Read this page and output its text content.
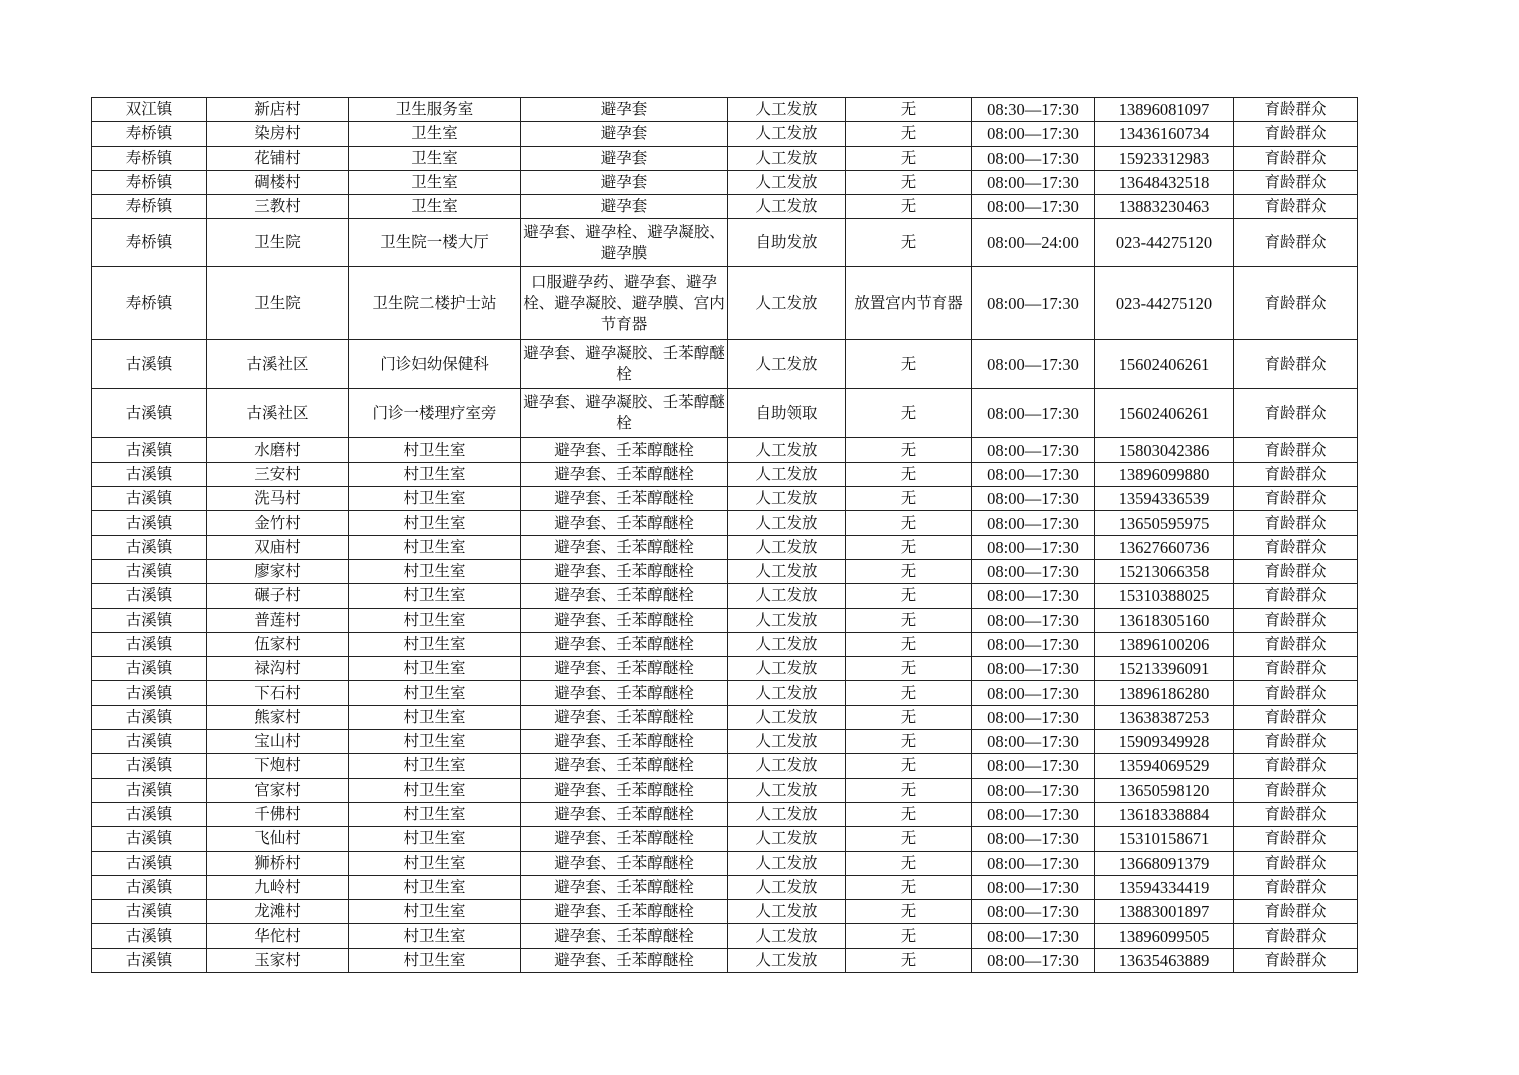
双江镇	新店村	卫生服务室	避孕套	人工发放	无	08:30—17:30	13896081097	育龄群众
寿桥镇	染房村	卫生室	避孕套	人工发放	无	08:00—17:30	13436160734	育龄群众
寿桥镇	花铺村	卫生室	避孕套	人工发放	无	08:00—17:30	15923312983	育龄群众
寿桥镇	碉楼村	卫生室	避孕套	人工发放	无	08:00—17:30	13648432518	育龄群众
寿桥镇	三教村	卫生室	避孕套	人工发放	无	08:00—17:30	13883230463	育龄群众
寿桥镇	卫生院	卫生院一楼大厅	避孕套、避孕栓、避孕凝胶、避孕膜	自助发放	无	08:00—24:00	023-44275120	育龄群众
寿桥镇	卫生院	卫生院二楼护士站	口服避孕药、避孕套、避孕栓、避孕凝胶、避孕膜、宫内节育器	人工发放	放置宫内节育器	08:00—17:30	023-44275120	育龄群众
古溪镇	古溪社区	门诊妇幼保健科	避孕套、避孕凝胶、壬苯醇醚栓	人工发放	无	08:00—17:30	15602406261	育龄群众
古溪镇	古溪社区	门诊一楼理疗室旁	避孕套、避孕凝胶、壬苯醇醚栓	自助领取	无	08:00—17:30	15602406261	育龄群众
古溪镇	水磨村	村卫生室	避孕套、壬苯醇醚栓	人工发放	无	08:00—17:30	15803042386	育龄群众
古溪镇	三安村	村卫生室	避孕套、壬苯醇醚栓	人工发放	无	08:00—17:30	13896099880	育龄群众
古溪镇	洗马村	村卫生室	避孕套、壬苯醇醚栓	人工发放	无	08:00—17:30	13594336539	育龄群众
古溪镇	金竹村	村卫生室	避孕套、壬苯醇醚栓	人工发放	无	08:00—17:30	13650595975	育龄群众
古溪镇	双庙村	村卫生室	避孕套、壬苯醇醚栓	人工发放	无	08:00—17:30	13627660736	育龄群众
古溪镇	廖家村	村卫生室	避孕套、壬苯醇醚栓	人工发放	无	08:00—17:30	15213066358	育龄群众
古溪镇	碾子村	村卫生室	避孕套、壬苯醇醚栓	人工发放	无	08:00—17:30	15310388025	育龄群众
古溪镇	普莲村	村卫生室	避孕套、壬苯醇醚栓	人工发放	无	08:00—17:30	13618305160	育龄群众
古溪镇	伍家村	村卫生室	避孕套、壬苯醇醚栓	人工发放	无	08:00—17:30	13896100206	育龄群众
古溪镇	禄沟村	村卫生室	避孕套、壬苯醇醚栓	人工发放	无	08:00—17:30	15213396091	育龄群众
古溪镇	下石村	村卫生室	避孕套、壬苯醇醚栓	人工发放	无	08:00—17:30	13896186280	育龄群众
古溪镇	熊家村	村卫生室	避孕套、壬苯醇醚栓	人工发放	无	08:00—17:30	13638387253	育龄群众
古溪镇	宝山村	村卫生室	避孕套、壬苯醇醚栓	人工发放	无	08:00—17:30	15909349928	育龄群众
古溪镇	下炮村	村卫生室	避孕套、壬苯醇醚栓	人工发放	无	08:00—17:30	13594069529	育龄群众
古溪镇	官家村	村卫生室	避孕套、壬苯醇醚栓	人工发放	无	08:00—17:30	13650598120	育龄群众
古溪镇	千佛村	村卫生室	避孕套、壬苯醇醚栓	人工发放	无	08:00—17:30	13618338884	育龄群众
古溪镇	飞仙村	村卫生室	避孕套、壬苯醇醚栓	人工发放	无	08:00—17:30	15310158671	育龄群众
古溪镇	狮桥村	村卫生室	避孕套、壬苯醇醚栓	人工发放	无	08:00—17:30	13668091379	育龄群众
古溪镇	九岭村	村卫生室	避孕套、壬苯醇醚栓	人工发放	无	08:00—17:30	13594334419	育龄群众
古溪镇	龙滩村	村卫生室	避孕套、壬苯醇醚栓	人工发放	无	08:00—17:30	13883001897	育龄群众
古溪镇	华佗村	村卫生室	避孕套、壬苯醇醚栓	人工发放	无	08:00—17:30	13896099505	育龄群众
古溪镇	玉家村	村卫生室	避孕套、壬苯醇醚栓	人工发放	无	08:00—17:30	13635463889	育龄群众
